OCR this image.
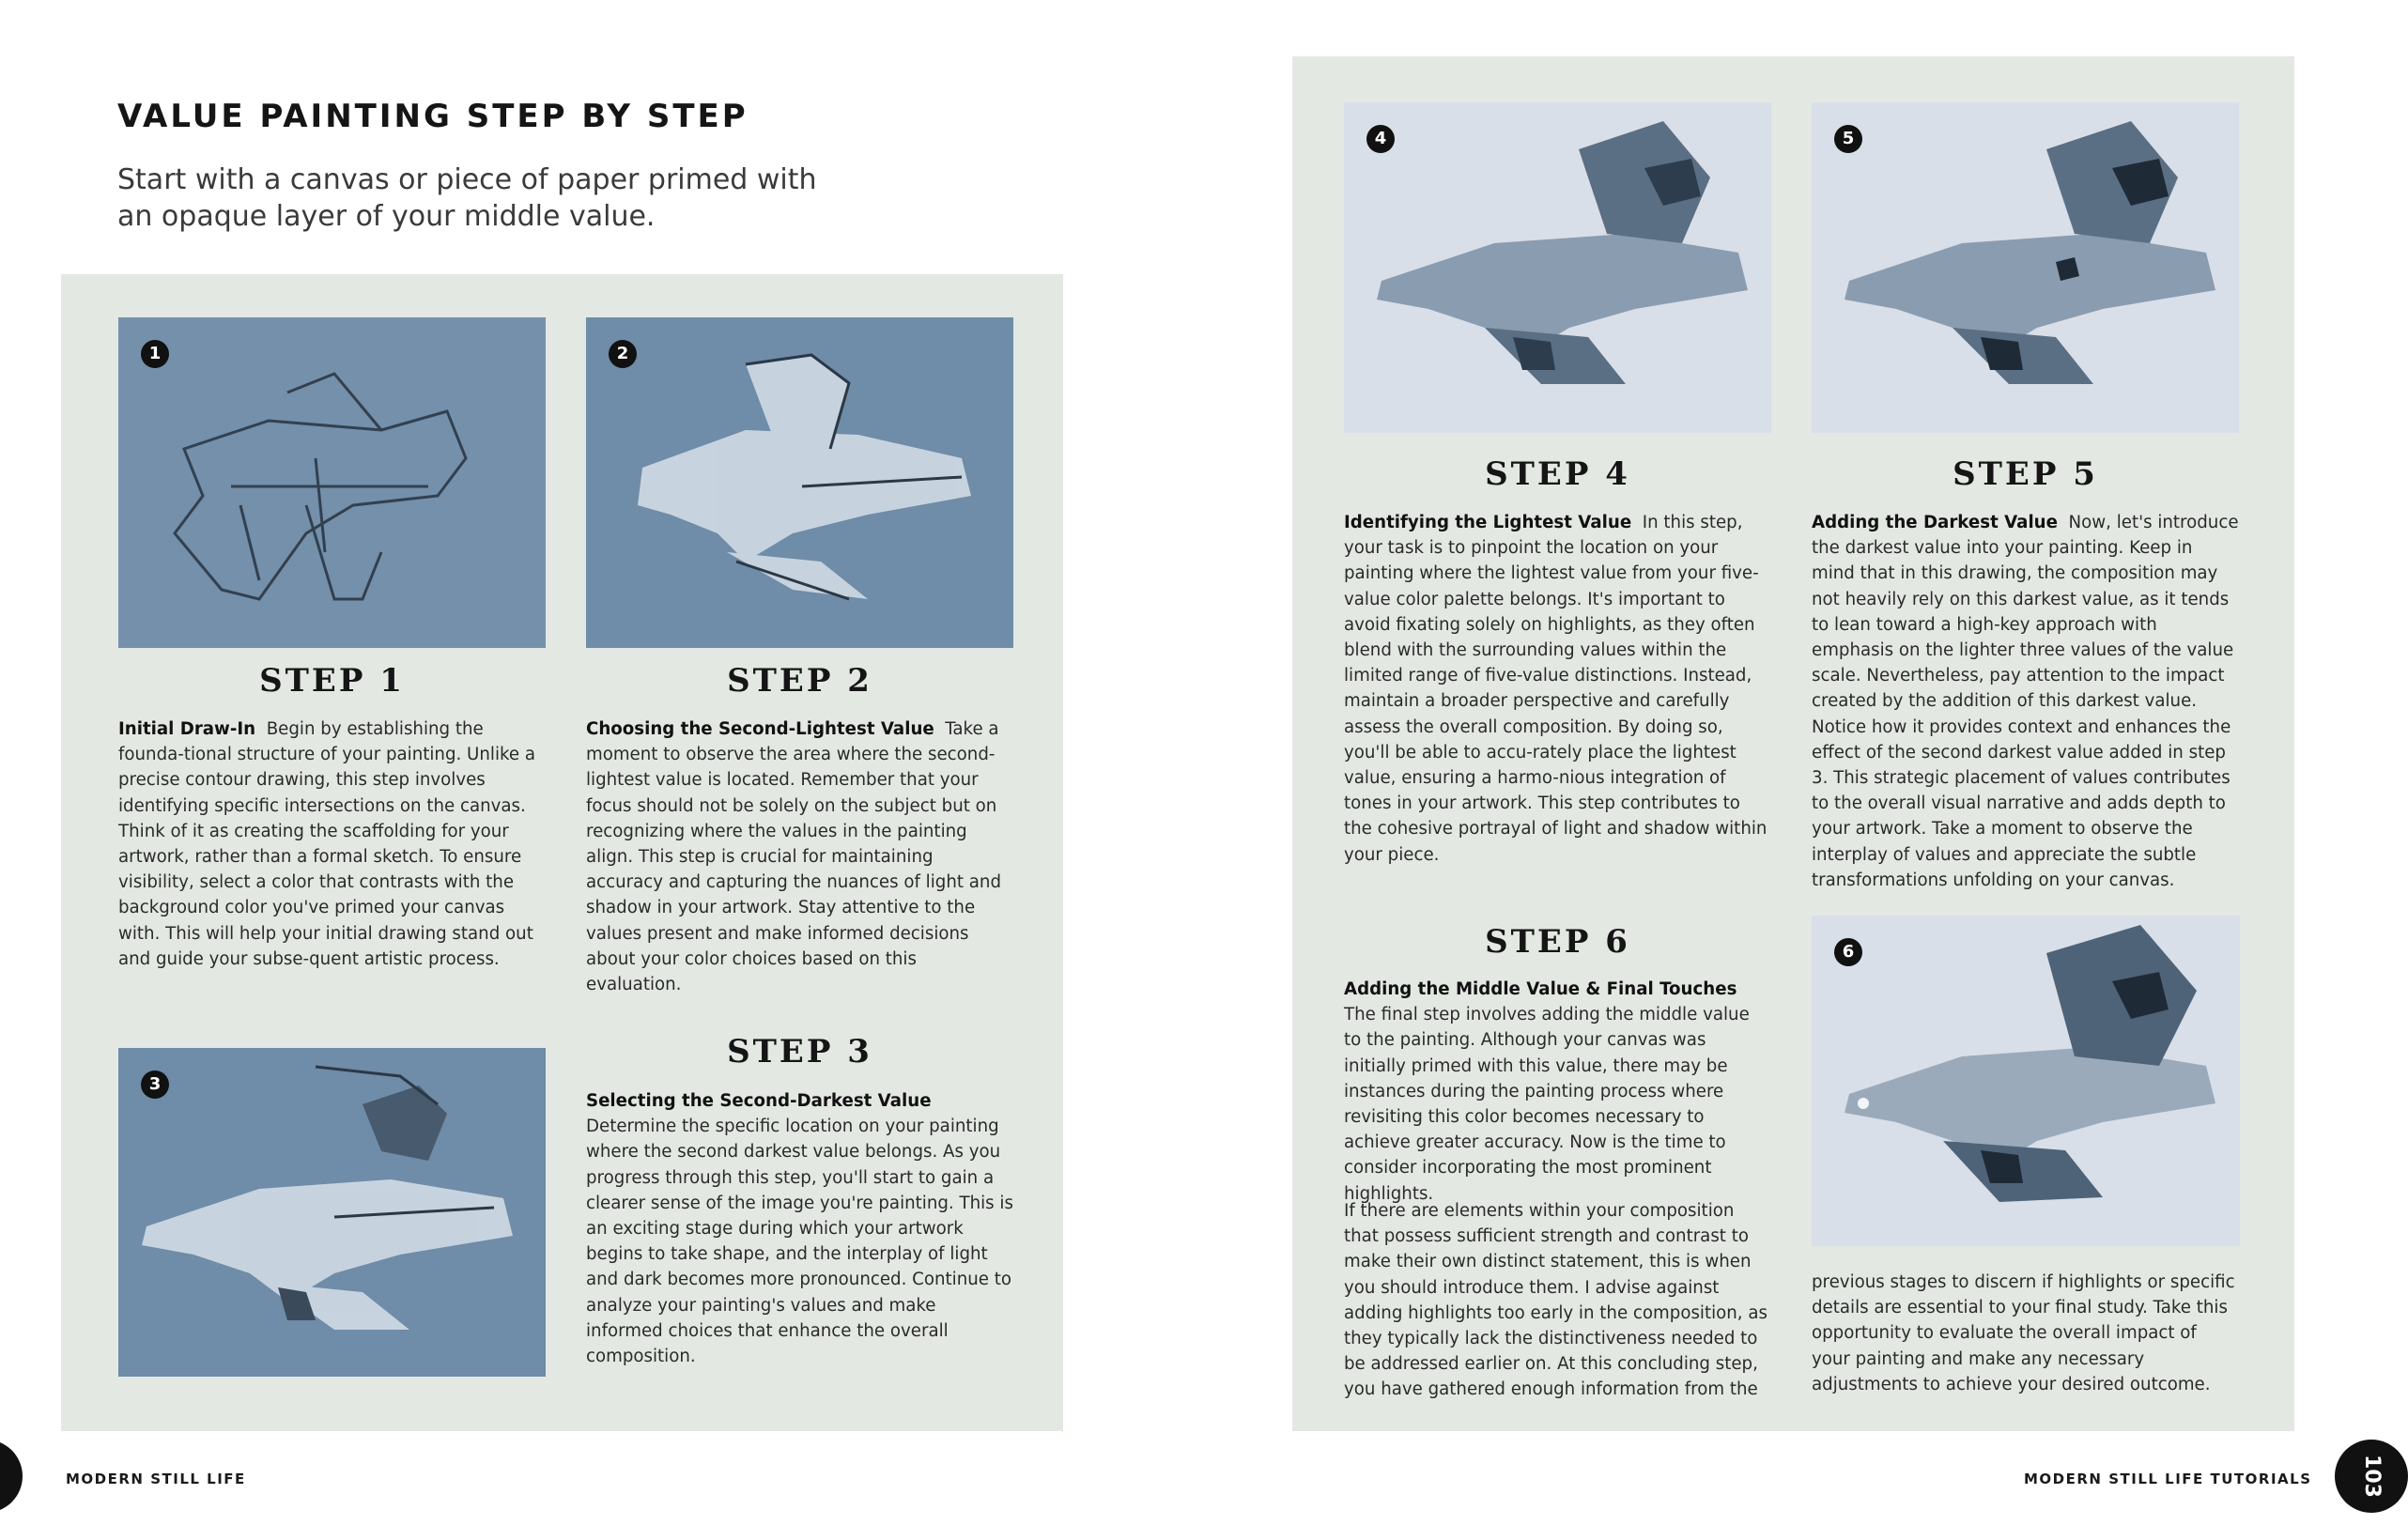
VALUE PAINTING STEP BY STEP

Start with a canvas or piece of paper primed with an opaque layer of your middle value.

1	2
STEP 1	STEP 2

Initial Draw-In Begin by establishing the founda-tional structure of your painting. Unlike a precise contour drawing, this step involves identifying specific intersections on the canvas. Think of it as creating the scaffolding for your artwork, rather than a formal sketch. To ensure visibility, select a color that contrasts with the background color you've primed your canvas with. This will help your initial drawing stand out and guide your subse-quent artistic process.

Choosing the Second-Lightest Value Take a moment to observe the area where the second-lightest value is located. Remember that your focus should not be solely on the subject but on recognizing where the values in the painting align. This step is crucial for maintaining accuracy and capturing the nuances of light and shadow in your artwork. Stay attentive to the values present and make informed decisions about your color choices based on this evaluation.

3
STEP 3

Selecting the Second-Darkest Value  Determine the specific location on your painting where the second darkest value belongs. As you progress through this step, you'll start to gain a clearer sense of the image you're painting. This is an exciting stage during which your artwork begins to take shape, and the interplay of light and dark becomes more pronounced. Continue to analyze your painting's values and make informed choices that enhance the overall composition.

4	5
STEP 4	STEP 5

Identifying the Lightest Value In this step, your task is to pinpoint the location on your painting where the lightest value from your five-value color palette belongs. It's important to avoid fixating solely on highlights, as they often blend with the surrounding values within the limited range of five-value distinctions. Instead, maintain a broader perspective and carefully assess the overall composition. By doing so, you'll be able to accu-rately place the lightest value, ensuring a harmo-nious integration of tones in your artwork. This step contributes to the cohesive portrayal of light and shadow within your piece.

Adding the Darkest Value Now, let's introduce the darkest value into your painting. Keep in mind that in this drawing, the composition may not heavily rely on this darkest value, as it tends to lean toward a high-key approach with emphasis on the lighter three values of the value scale. Nevertheless, pay attention to the impact created by the addition of this darkest value. Notice how it provides context and enhances the effect of the second darkest value added in step 3. This strategic placement of values contributes to the overall visual narrative and adds depth to your artwork. Take a moment to observe the interplay of values and appreciate the subtle transformations unfolding on your canvas.

STEP 6

Adding the Middle Value & Final Touches  The final step involves adding the middle value to the painting. Although your canvas was initially primed with this value, there may be instances during the painting process where revisiting this color becomes necessary to achieve greater accuracy. Now is the time to consider incorporating the most prominent highlights.

If there are elements within your composition that possess sufficient strength and contrast to make their own distinct statement, this is when you should introduce them. I advise against adding highlights too early in the composition, as they typically lack the distinctiveness needed to be addressed earlier on. At this concluding step, you have gathered enough information from the

6

previous stages to discern if highlights or specific details are essential to your final study. Take this opportunity to evaluate the overall impact of your painting and make any necessary adjustments to achieve your desired outcome.

MODERN STILL LIFE	MODERN STILL LIFE TUTORIALS	103
